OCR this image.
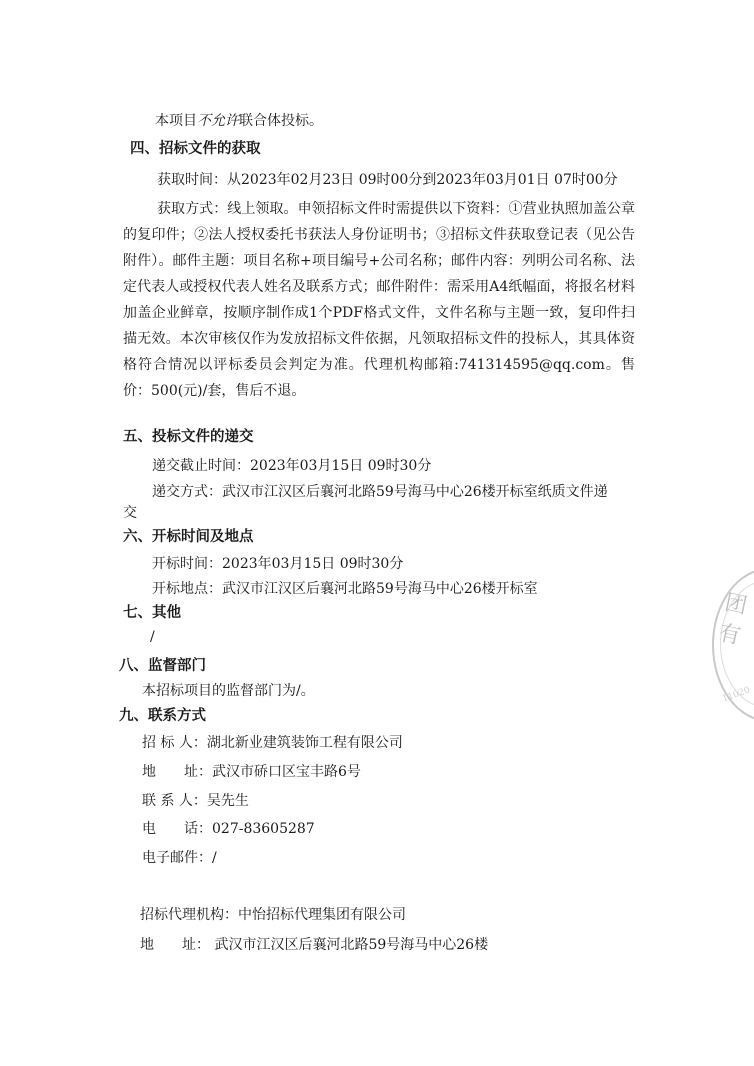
本项目不允许联合体投标。
四、招标文件的获取
获取时间：从2023年02月23日 09时00分到2023年03月01日 07时00分
获取方式：线上领取。申领招标文件时需提供以下资料：①营业执照加盖公章的复印件；②法人授权委托书获法人身份证明书；③招标文件获取登记表（见公告附件）。邮件主题：项目名称+项目编号+公司名称；邮件内容：列明公司名称、法定代表人或授权代表人姓名及联系方式；邮件附件：需采用A4纸幅面，将报名材料加盖企业鲜章，按顺序制作成1个PDF格式文件，文件名称与主题一致，复印件扫描无效。本次审核仅作为发放招标文件依据，凡领取招标文件的投标人，其具体资格符合情况以评标委员会判定为准。代理机构邮箱:741314595@qq.com。售价：500(元)/套，售后不退。
五、投标文件的递交
递交截止时间：2023年03月15日 09时30分
递交方式：武汉市江汉区后襄河北路59号海马中心26楼开标室纸质文件递
交
六、开标时间及地点
开标时间：2023年03月15日 09时30分
开标地点：武汉市江汉区后襄河北路59号海马中心26楼开标室
七、其他
/
八、监督部门
本招标项目的监督部门为/。
九、联系方式
招 标 人：湖北新业建筑装饰工程有限公司
地　　址：武汉市硚口区宝丰路6号
联 系 人：吴先生
电　　话：027-83605287
电子邮件：/
招标代理机构：中怡招标代理集团有限公司
地　　址： 武汉市江汉区后襄河北路59号海马中心26楼
团有
11020
